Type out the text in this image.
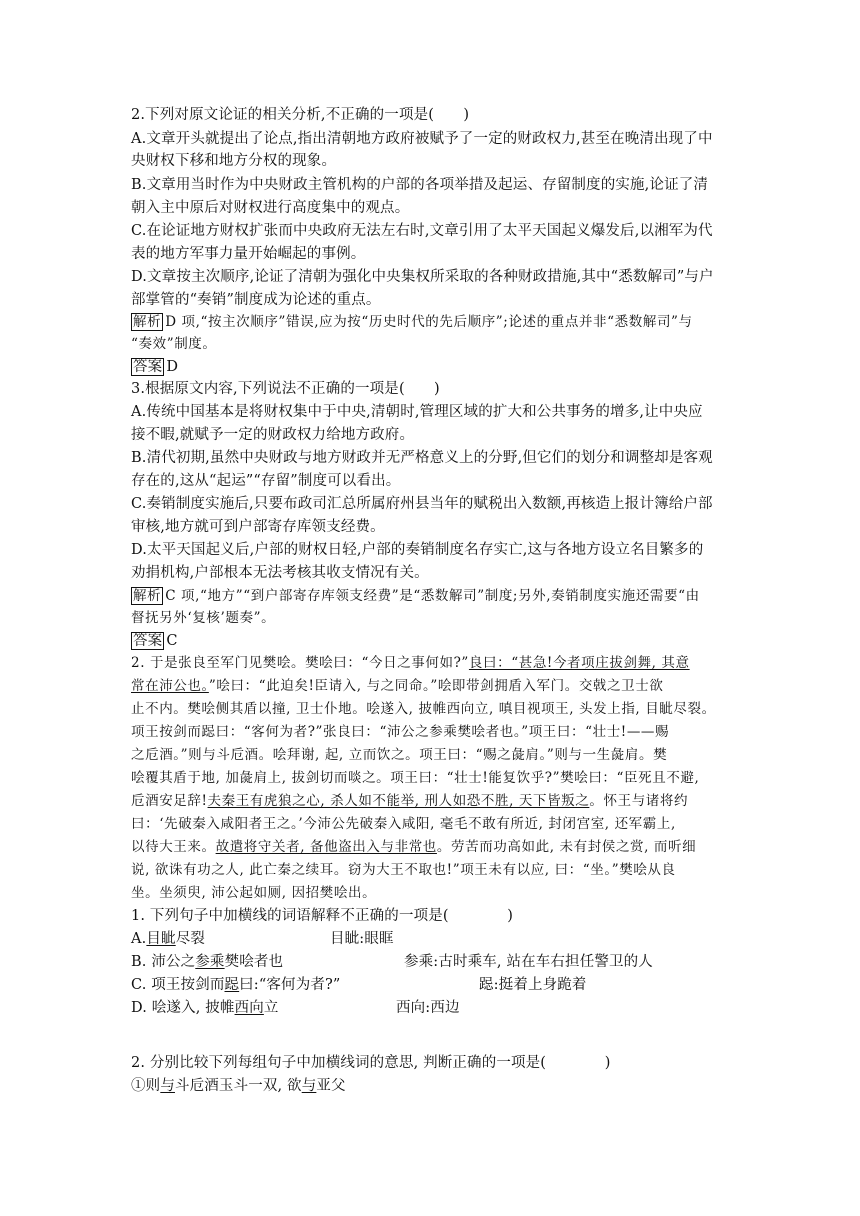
2.下列对原文论证的相关分析,不正确的一项是(　　)
A.文章开头就提出了论点,指出清朝地方政府被赋予了一定的财政权力,甚至在晚清出现了中
央财权下移和地方分权的现象。
B.文章用当时作为中央财政主管机构的户部的各项举措及起运、存留制度的实施,论证了清
朝入主中原后对财权进行高度集中的观点。
C.在论证地方财权扩张而中央政府无法左右时,文章引用了太平天国起义爆发后,以湘军为代
表的地方军事力量开始崛起的事例。
D.文章按主次顺序,论证了清朝为强化中央集权所采取的各种财政措施,其中“悉数解司”与户
部掌管的“奏销”制度成为论述的重点。
解析 D 项,“按主次顺序”错误,应为按“历史时代的先后顺序”;论述的重点并非“悉数解司”与
“奏效”制度。
答案 D
3.根据原文内容,下列说法不正确的一项是(　　)
A.传统中国基本是将财权集中于中央,清朝时,管理区域的扩大和公共事务的增多,让中央应
接不暇,就赋予一定的财政权力给地方政府。
B.清代初期,虽然中央财政与地方财政并无严格意义上的分野,但它们的划分和调整却是客观
存在的,这从“起运”“存留”制度可以看出。
C.奏销制度实施后,只要布政司汇总所属府州县当年的赋税出入数额,再核造上报计簿给户部
审核,地方就可到户部寄存库领支经费。
D.太平天国起义后,户部的财权日轻,户部的奏销制度名存实亡,这与各地方设立名目繁多的
劝捐机构,户部根本无法考核其收支情况有关。
解析 C 项,“地方”“到户部寄存库领支经费”是“悉数解司”制度;另外,奏销制度实施还需要“由
督抚另外‘复核’题奏”。
答案 C
2. 于是张良至军门见樊哙。樊哙曰：“今日之事何如?”良曰：“甚急!今者项庄拔剑舞, 其意
常在沛公也。”哙曰：“此迫矣!臣请入, 与之同命。”哙即带剑拥盾入军门。交戟之卫士欲
止不内。樊哙侧其盾以撞, 卫士仆地。哙遂入, 披帷西向立, 嗔目视项王, 头发上指, 目眦尽裂。
项王按剑而跽曰：“客何为者?”张良曰：“沛公之参乘樊哙者也。”项王曰：“壮士!——赐
之卮酒。”则与斗卮酒。哙拜谢, 起, 立而饮之。项王曰：“赐之彘肩。”则与一生彘肩。樊
哙覆其盾于地, 加彘肩上, 拔剑切而啖之。项王曰：“壮士!能复饮乎?”樊哙曰：“臣死且不避,
卮酒安足辞!夫秦王有虎狼之心, 杀人如不能举, 刑人如恐不胜, 天下皆叛之。怀王与诸将约
曰：‘先破秦入咸阳者王之。’今沛公先破秦入咸阳, 毫毛不敢有所近, 封闭宫室, 还军霸上,
以待大王来。故遣将守关者, 备他盗出入与非常也。劳苦而功高如此, 未有封侯之赏, 而听细
说, 欲诛有功之人, 此亡秦之续耳。窃为大王不取也!”项王未有以应, 曰：“坐。”樊哙从良
坐。坐须臾, 沛公起如厕, 因招樊哙出。
1. 下列句子中加横线的词语解释不正确的一项是(　　　　)
A.目眦尽裂	目眦:眼眶
B. 沛公之参乘樊哙者也	参乘:古时乘车, 站在车右担任警卫的人
C. 项王按剑而跽曰:“客何为者?”	跽:挺着上身跪着
D. 哙遂入, 披帷西向立	西向:西边
2. 分别比较下列每组句子中加横线词的意思, 判断正确的一项是(　　　　)
①则与斗卮酒玉斗一双, 欲与亚父
